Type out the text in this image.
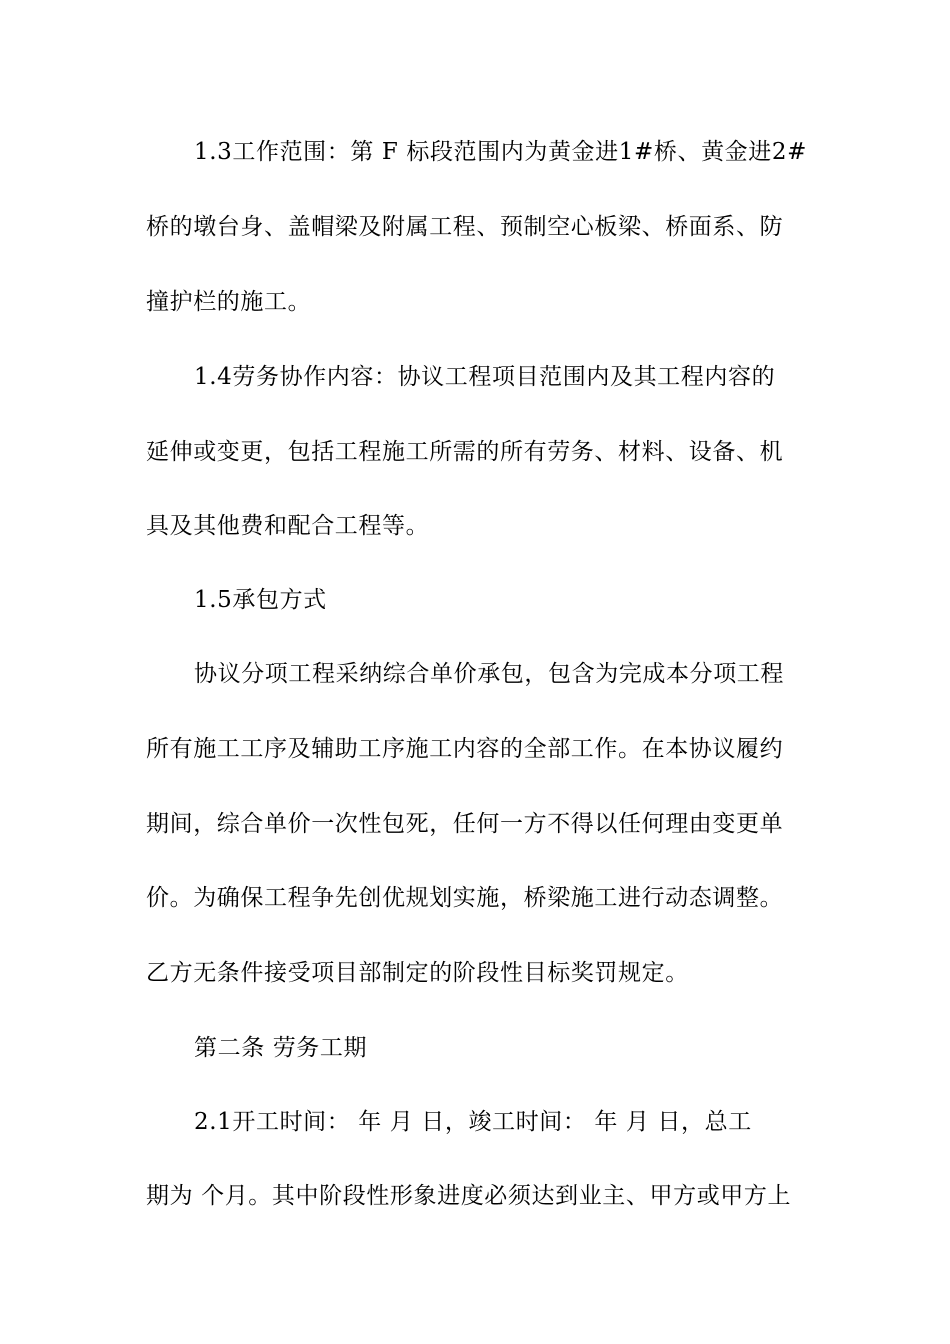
1.3工作范围：第 F 标段范围内为黄金进1#桥、黄金进2#
桥的墩台身、盖帽梁及附属工程、预制空心板梁、桥面系、防
撞护栏的施工。
1.4劳务协作内容：协议工程项目范围内及其工程内容的
延伸或变更，包括工程施工所需的所有劳务、材料、设备、机
具及其他费和配合工程等。
1.5承包方式
协议分项工程采纳综合单价承包，包含为完成本分项工程
所有施工工序及辅助工序施工内容的全部工作。在本协议履约
期间，综合单价一次性包死，任何一方不得以任何理由变更单
价。为确保工程争先创优规划实施，桥梁施工进行动态调整。
乙方无条件接受项目部制定的阶段性目标奖罚规定。
第二条 劳务工期
2.1开工时间： 年 月 日，竣工时间： 年 月 日，总工
期为 个月。其中阶段性形象进度必须达到业主、甲方或甲方上
